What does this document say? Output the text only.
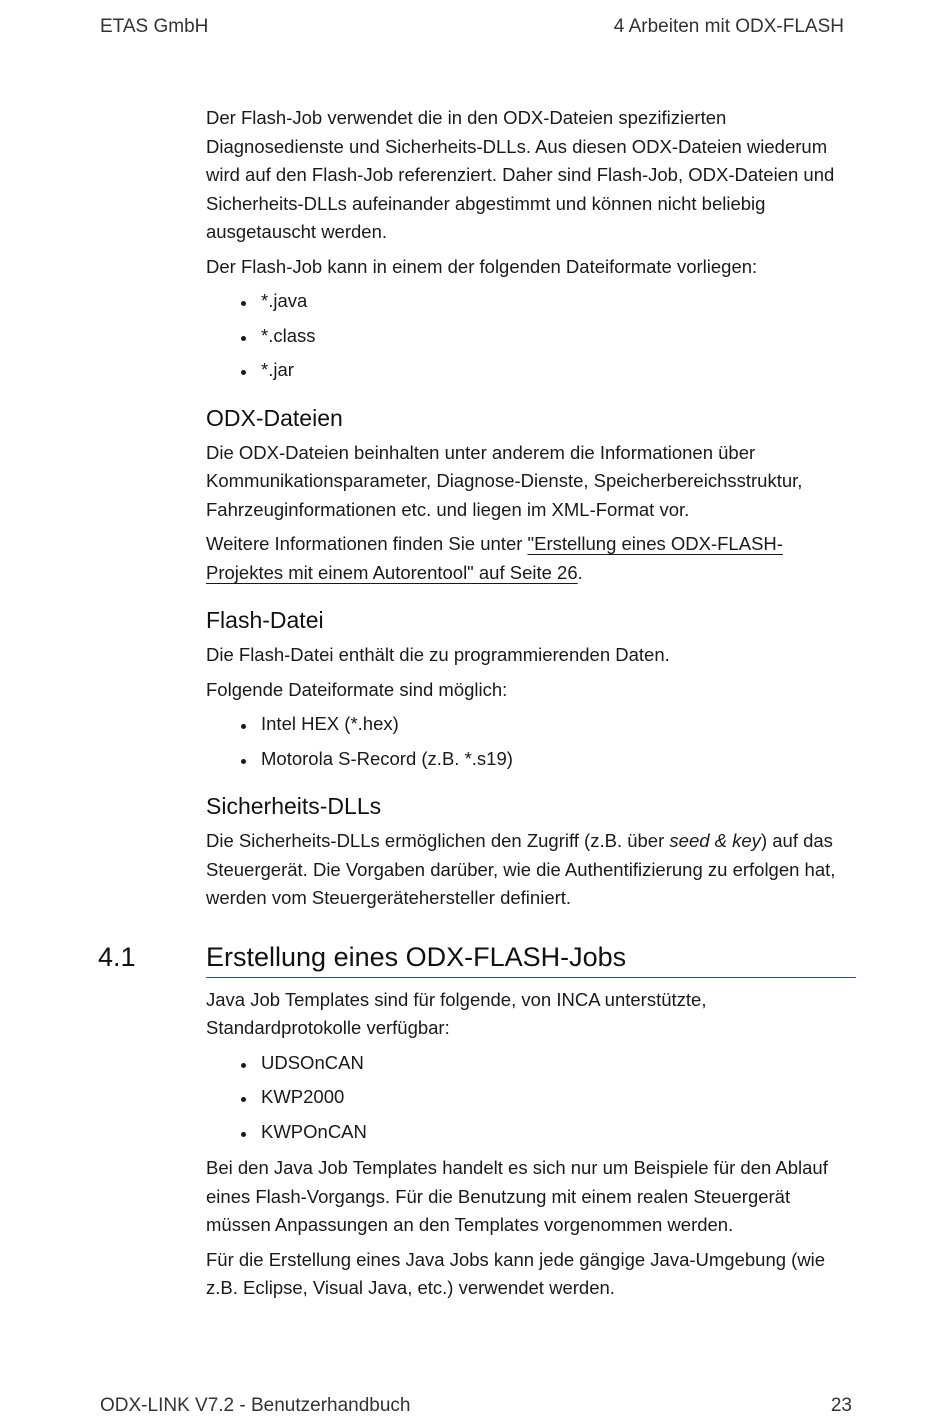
ETAS GmbH	4 Arbeiten mit ODX-FLASH

Der Flash-Job verwendet die in den ODX-Dateien spezifizierten Diagnosedienste und Sicherheits-DLLs. Aus diesen ODX-Dateien wiederum wird auf den Flash-Job referenziert. Daher sind Flash-Job, ODX-Dateien und Sicherheits-DLLs aufeinander abgestimmt und können nicht beliebig ausgetauscht werden.

Der Flash-Job kann in einem der folgenden Dateiformate vorliegen:

*.java
*.class
*.jar
ODX-Dateien

Die ODX-Dateien beinhalten unter anderem die Informationen über Kommunikationsparameter, Diagnose-Dienste, Speicherbereichsstruktur, Fahrzeuginformationen etc. und liegen im XML-Format vor.

Weitere Informationen finden Sie unter "Erstellung eines ODX-FLASH-Projektes mit einem Autorentool" auf Seite 26.

Flash-Datei

Die Flash-Datei enthält die zu programmierenden Daten.

Folgende Dateiformate sind möglich:

Intel HEX (*.hex)
Motorola S-Record (z.B. *.s19)
Sicherheits-DLLs

Die Sicherheits-DLLs ermöglichen den Zugriff (z.B. über seed & key) auf das Steuergerät. Die Vorgaben darüber, wie die Authentifizierung zu erfolgen hat, werden vom Steuergerätehersteller definiert.

4.1	Erstellung eines ODX-FLASH-Jobs

Java Job Templates sind für folgende, von INCA unterstützte, Standardprotokolle verfügbar:

UDSOnCAN
KWP2000
KWPOnCAN

Bei den Java Job Templates handelt es sich nur um Beispiele für den Ablauf eines Flash-Vorgangs. Für die Benutzung mit einem realen Steuergerät müssen Anpassungen an den Templates vorgenommen werden.

Für die Erstellung eines Java Jobs kann jede gängige Java-Umgebung (wie z.B. Eclipse, Visual Java, etc.) verwendet werden.

ODX-LINK V7.2 - Benutzerhandbuch	23
